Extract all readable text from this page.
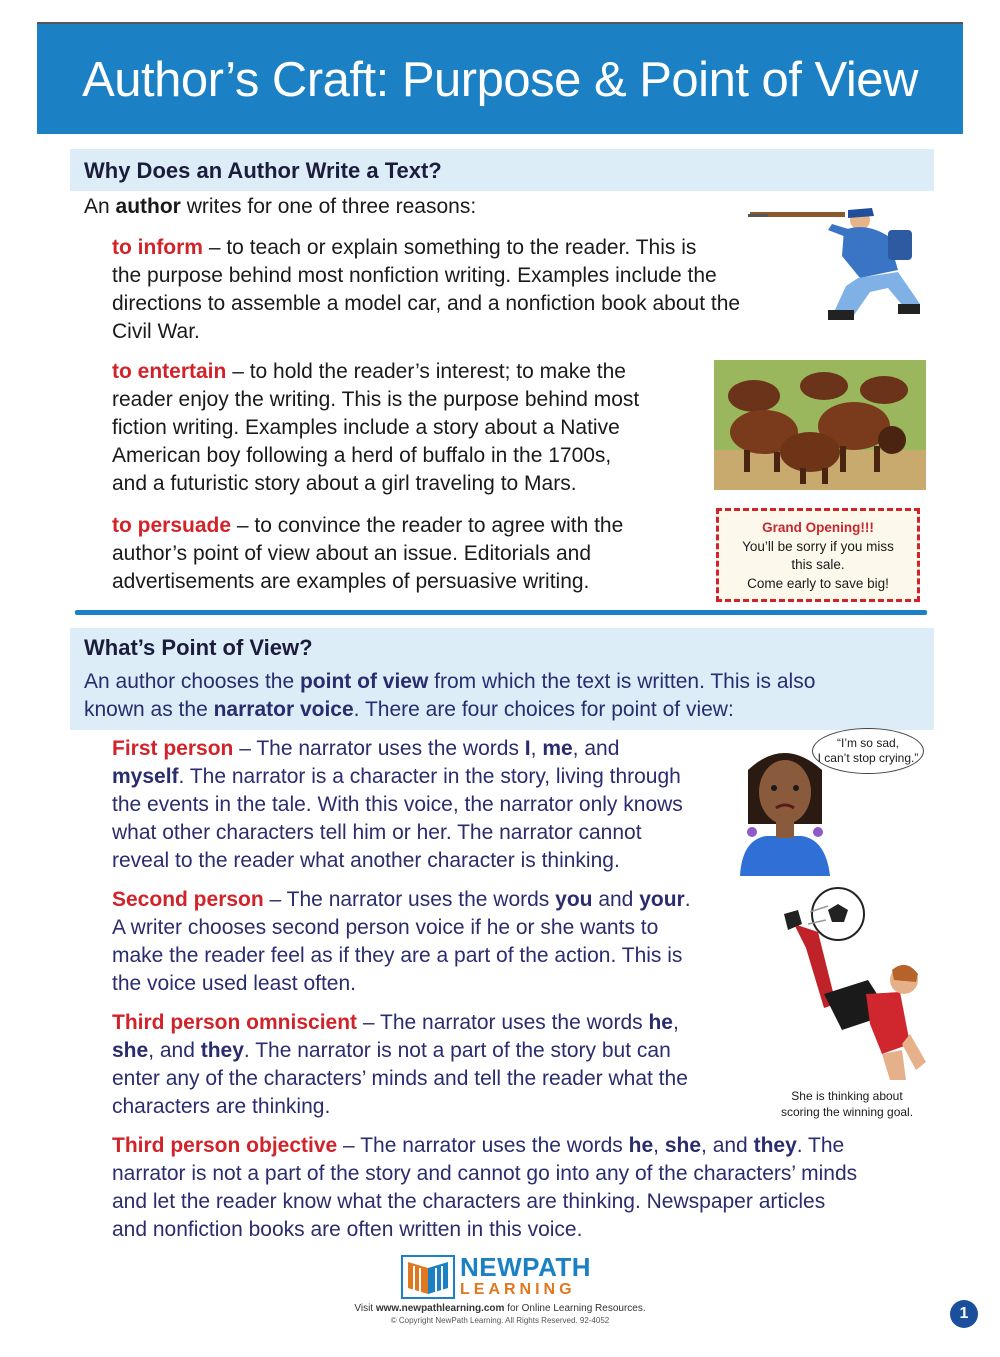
Author’s Craft: Purpose & Point of View
Why Does an Author Write a Text?
An author writes for one of three reasons:
to inform – to teach or explain something to the reader. This is
the purpose behind most nonfiction writing. Examples include the
directions to assemble a model car, and a nonfiction book about the
Civil War.
to entertain – to hold the reader’s interest; to make the
reader enjoy the writing. This is the purpose behind most
fiction writing. Examples include a story about a Native
American boy following a herd of buffalo in the 1700s,
and a futuristic story about a girl traveling to Mars.
to persuade – to convince the reader to agree with the
author’s point of view about an issue. Editorials and
advertisements are examples of persuasive writing.
Grand Opening!!!
You’ll be sorry if you miss
this sale.
Come early to save big!
What’s Point of View?
An author chooses the point of view from which the text is written. This is also
known as the narrator voice. There are four choices for point of view:
First person – The narrator uses the words I, me, and
myself. The narrator is a character in the story, living through
the events in the tale. With this voice, the narrator only knows
what other characters tell him or her. The narrator cannot
reveal to the reader what another character is thinking.
Second person – The narrator uses the words you and your.
A writer chooses second person voice if he or she wants to
make the reader feel as if they are a part of the action. This is
the voice used least often.
Third person omniscient – The narrator uses the words he,
she, and they. The narrator is not a part of the story but can
enter any of the characters’ minds and tell the reader what the
characters are thinking.
Third person objective – The narrator uses the words he, she, and they. The
narrator is not a part of the story and cannot go into any of the characters’ minds
and let the reader know what the characters are thinking. Newspaper articles
and nonfiction books are often written in this voice.
“I’m so sad,
I can’t stop crying.”
She is thinking about
scoring the winning goal.
NEWPATH
LEARNING
Visit www.newpathlearning.com for Online Learning Resources.
© Copyright NewPath Learning. All Rights Reserved. 92-4052	1
